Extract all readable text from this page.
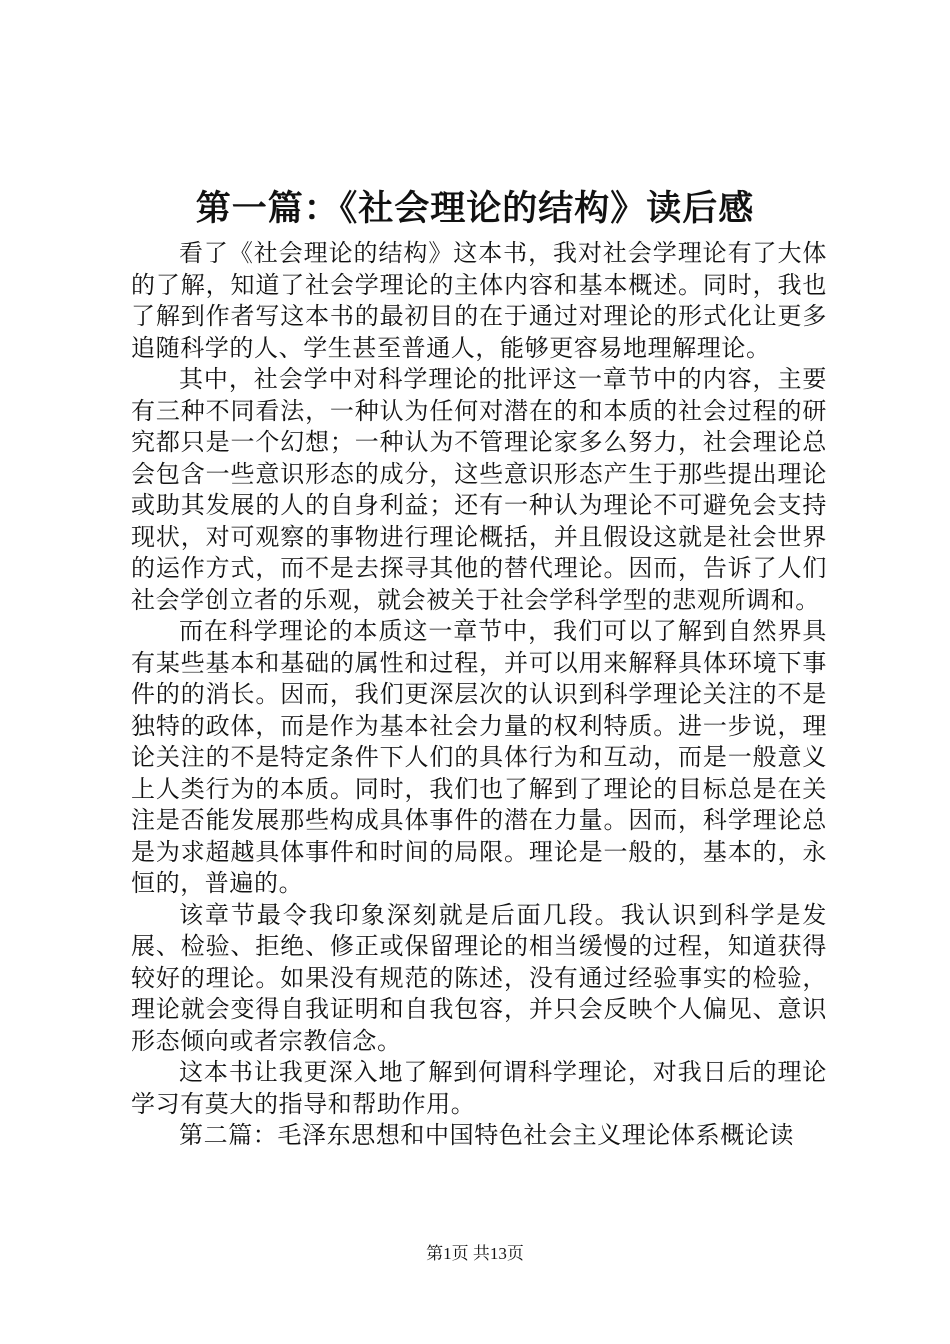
第一篇：《社会理论的结构》读后感

看了《社会理论的结构》这本书，我对社会学理论有了大体的了解，知道了社会学理论的主体内容和基本概述。同时，我也了解到作者写这本书的最初目的在于通过对理论的形式化让更多追随科学的人、学生甚至普通人，能够更容易地理解理论。

其中，社会学中对科学理论的批评这一章节中的内容，主要有三种不同看法，一种认为任何对潜在的和本质的社会过程的研究都只是一个幻想；一种认为不管理论家多么努力，社会理论总会包含一些意识形态的成分，这些意识形态产生于那些提出理论或助其发展的人的自身利益；还有一种认为理论不可避免会支持现状，对可观察的事物进行理论概括，并且假设这就是社会世界的运作方式，而不是去探寻其他的替代理论。因而，告诉了人们社会学创立者的乐观，就会被关于社会学科学型的悲观所调和。

而在科学理论的本质这一章节中，我们可以了解到自然界具有某些基本和基础的属性和过程，并可以用来解释具体环境下事件的的消长。因而，我们更深层次的认识到科学理论关注的不是独特的政体，而是作为基本社会力量的权利特质。进一步说，理论关注的不是特定条件下人们的具体行为和互动，而是一般意义上人类行为的本质。同时，我们也了解到了理论的目标总是在关注是否能发展那些构成具体事件的潜在力量。因而，科学理论总是为求超越具体事件和时间的局限。理论是一般的，基本的，永恒的，普遍的。

该章节最令我印象深刻就是后面几段。我认识到科学是发展、检验、拒绝、修正或保留理论的相当缓慢的过程，知道获得较好的理论。如果没有规范的陈述，没有通过经验事实的检验，理论就会变得自我证明和自我包容，并只会反映个人偏见、意识形态倾向或者宗教信念。

这本书让我更深入地了解到何谓科学理论，对我日后的理论学习有莫大的指导和帮助作用。

第二篇：毛泽东思想和中国特色社会主义理论体系概论读

第1页 共13页
